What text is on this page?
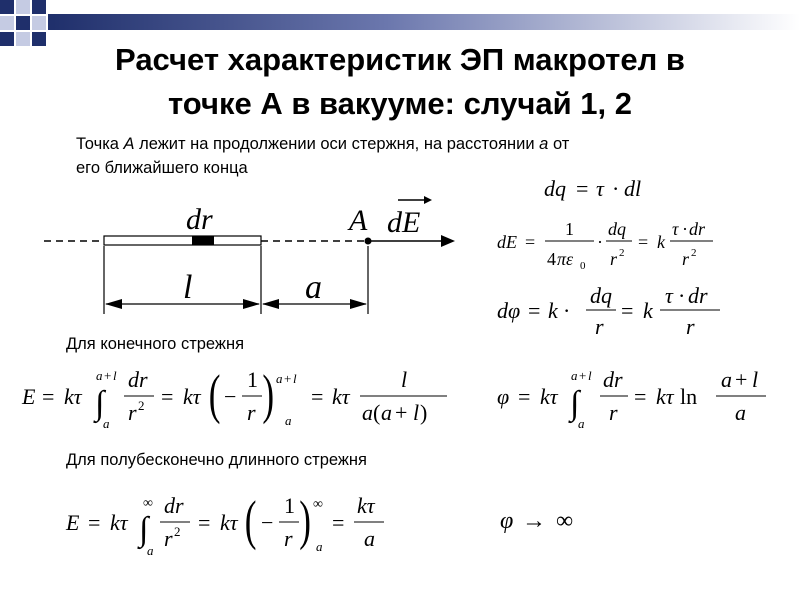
Расчет характеристик ЭП макротел в
точке А в вакууме: случай 1, 2
Точка A лежит на продолжении оси стержня, на расстоянии a от
его ближайшего конца
Для конечного стрежня
Для полубесконечно длинного стрежня
dr	A dE
l	a
dq = τ · dl
dE =
1
4 πε 0
·
dq
r 2
= k
τ · dr
r 2
dφ = k ·
dq
r
= k
τ · dr
r
E = kτ
a + l
∫
a
dr
r 2 = kτ ( −
1
r ) a + l
a
= kτ
l
a ( a + l )
φ = kτ
a + l
∫
a
dr
r
= kτ ln
a + l
a
E = kτ
∞
∫
a
dr
r 2 = kτ ( −
1
r ) ∞
a
=
kτ
a
φ → ∞
